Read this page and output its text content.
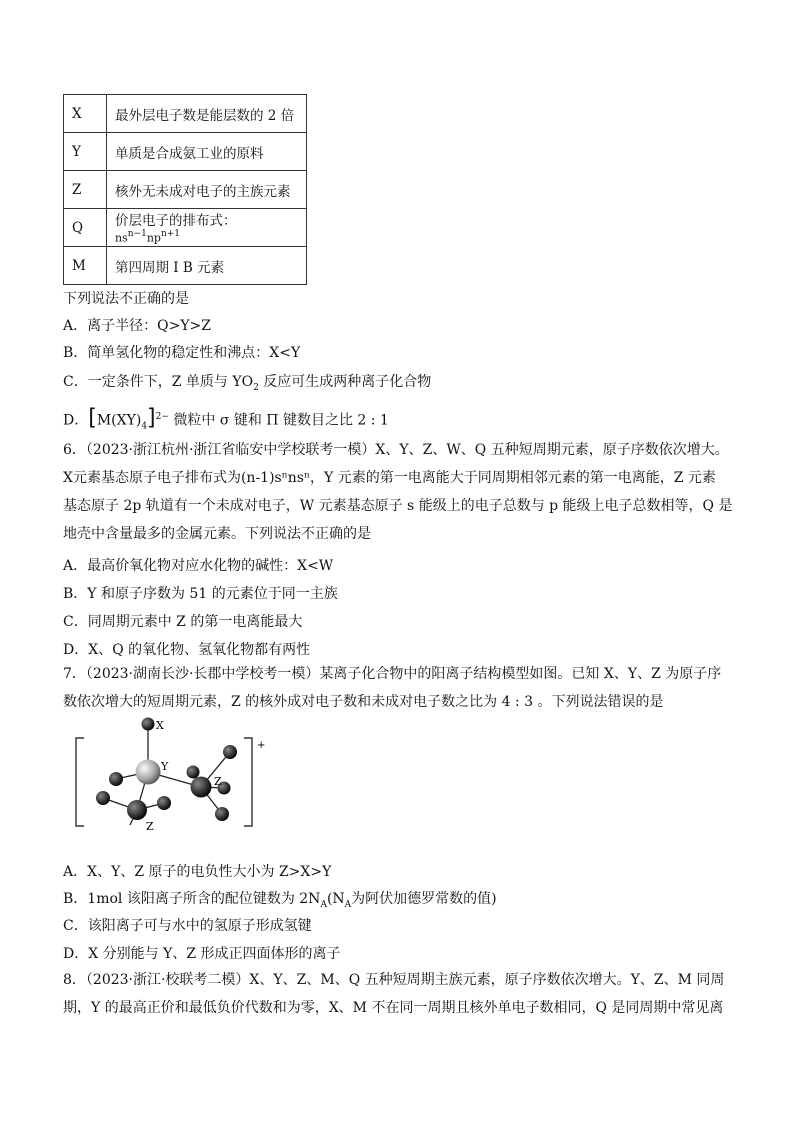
X	最外层电子数是能层数的 2 倍
Y	单质是合成氨工业的原料
Z	核外无未成对电子的主族元素
Q	价层电子的排布式：$ns^{n-1}np^{n+1}$
M	第四周期 I B 元素
下列说法不正确的是
A．离子半径：Q>Y>Z
B．简单氢化物的稳定性和沸点：X<Y
C．一定条件下，Z 单质与 $YO_2$ 反应可生成两种离子化合物
D．$[M(XY)_4]^{2-}$ 微粒中 σ 键和 Π 键数目之比 2 : 1
6．（2023·浙江杭州·浙江省临安中学校联考一模）X、Y、Z、W、Q 五种短周期元素，原子序数依次增大。
X元素基态原子电子排布式为(n-1)sⁿnsⁿ，Y 元素的第一电离能大于同周期相邻元素的第一电离能，Z 元素
基态原子 2p 轨道有一个未成对电子，W 元素基态原子 s 能级上的电子总数与 p 能级上电子总数相等，Q 是
地壳中含量最多的金属元素。下列说法不正确的是
A．最高价氧化物对应水化物的碱性：X<W
B．Y 和原子序数为 51 的元素位于同一主族
C．同周期元素中 Z 的第一电离能最大
D．X、Q 的氧化物、氢氧化物都有两性
7．（2023·湖南长沙·长郡中学校考一模）某离子化合物中的阳离子结构模型如图。已知 X、Y、Z 为原子序
数依次增大的短周期元素，Z 的核外成对电子数和未成对电子数之比为 4 : 3 。下列说法错误的是
+
X
Y
Z
Z
A．X、Y、Z 原子的电负性大小为 Z>X>Y
B．1mol 该阳离子所含的配位键数为 $2N_A(N_A$为阿伏加德罗常数的值)
C．该阳离子可与水中的氢原子形成氢键
D．X 分别能与 Y、Z 形成正四面体形的离子
8．（2023·浙江·校联考二模）X、Y、Z、M、Q 五种短周期主族元素，原子序数依次增大。Y、Z、M 同周
期，Y 的最高正价和最低负价代数和为零，X、M 不在同一周期且核外单电子数相同，Q 是同周期中常见离
